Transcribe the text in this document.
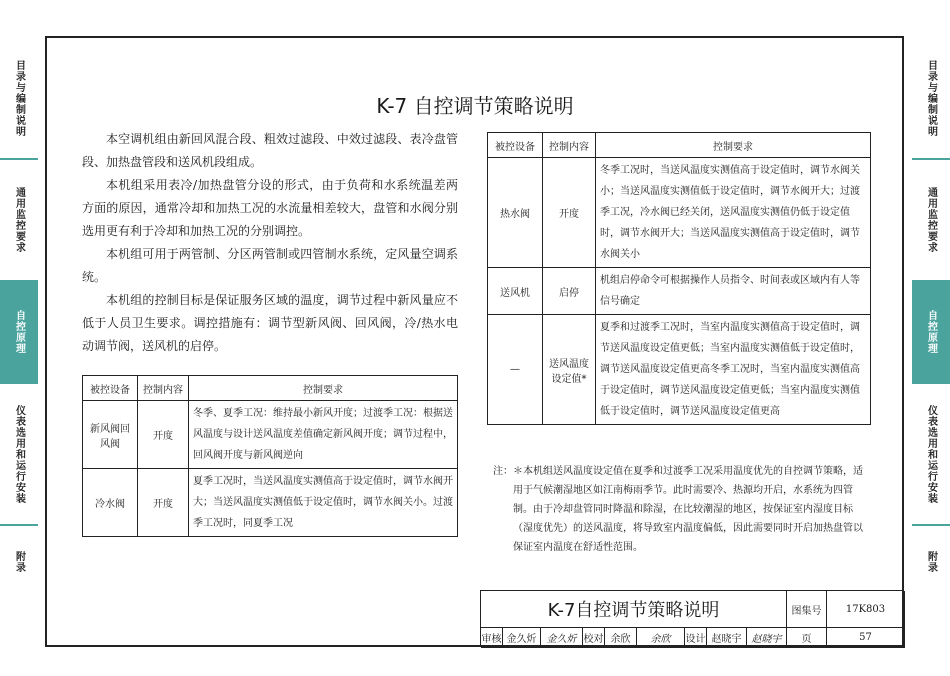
目录与编制说明
通用监控要求
自控原理
仪表选用和运行安装
附录
目录与编制说明
通用监控要求
自控原理
仪表选用和运行安装
附录
K-7 自控调节策略说明

本空调机组由新回风混合段、粗效过滤段、中效过滤段、表冷盘管段、加热盘管段和送风机段组成。

本机组采用表冷/加热盘管分设的形式，由于负荷和水系统温差两方面的原因，通常冷却和加热工况的水流量相差较大，盘管和水阀分别选用更有利于冷却和加热工况的分别调控。

本机组可用于两管制、分区两管制或四管制水系统，定风量空调系统。

本机组的控制目标是保证服务区域的温度，调节过程中新风量应不低于人员卫生要求。调控措施有：调节型新风阀、回风阀，冷/热水电动调节阀，送风机的启停。

被控设备	控制内容	控制要求
新风阀回风阀	开度	冬季、夏季工况：维持最小新风开度；过渡季工况：根据送风温度与设计送风温度差值确定新风阀开度；调节过程中，回风阀开度与新风阀逆向
冷水阀	开度	夏季工况时，当送风温度实测值高于设定值时，调节水阀开大；当送风温度实测值低于设定值时，调节水阀关小。过渡季工况时，同夏季工况
被控设备	控制内容	控制要求
热水阀	开度	冬季工况时，当送风温度实测值高于设定值时，调节水阀关小；当送风温度实测值低于设定值时，调节水阀开大；过渡季工况，冷水阀已经关闭，送风温度实测值仍低于设定值时，调节水阀开大；当送风温度实测值高于设定值时，调节水阀关小
送风机	启停	机组启停命令可根据操作人员指令、时间表或区域内有人等信号确定
—	送风温度设定值*	夏季和过渡季工况时，当室内温度实测值高于设定值时，调节送风温度设定值更低；当室内温度实测值低于设定值时，调节送风温度设定值更高冬季工况时，当室内温度实测值高于设定值时，调节送风温度设定值更低；当室内温度实测值低于设定值时，调节送风温度设定值更高
注： ＊本机组送风温度设定值在夏季和过渡季工况采用温度优先的自控调节策略，适用于气候潮湿地区如江南梅雨季节。此时需要冷、热源均开启，水系统为四管制。由于冷却盘管同时降温和除湿，在比较潮湿的地区，按保证室内湿度目标（湿度优先）的送风温度，将导致室内温度偏低，因此需要同时开启加热盘管以保证室内温度在舒适性范围。
K-7自控调节策略说明	图集号	17K803
审核 金久炘	金久炘 校对 余欣	余欣	设计 赵晓宇	赵晓宇	页	57
